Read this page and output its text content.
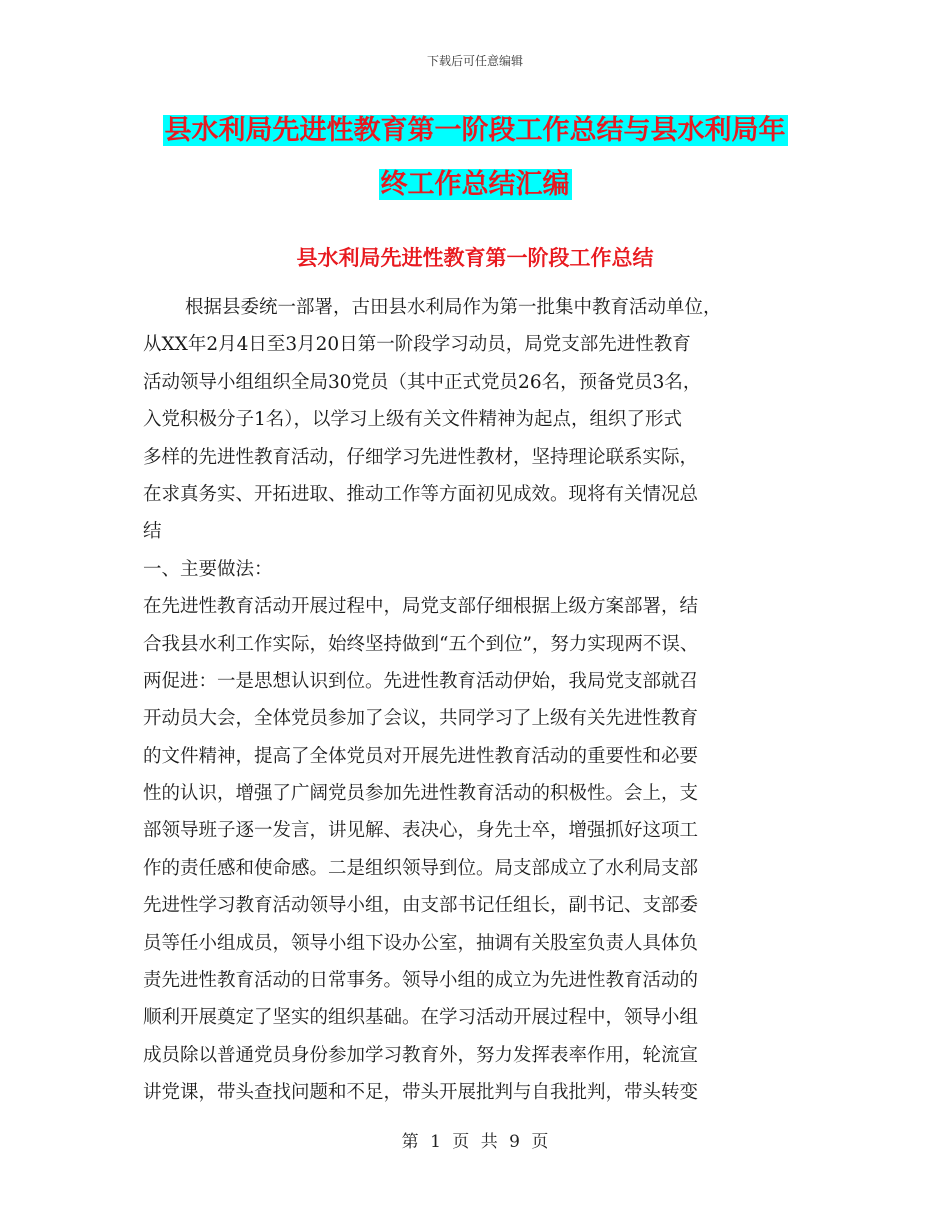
下载后可任意编辑
县水利局先进性教育第一阶段工作总结与县水利局年
终工作总结汇编
县水利局先进性教育第一阶段工作总结
根据县委统一部署，古田县水利局作为第一批集中教育活动单位，
从XX年2月4日至3月20日第一阶段学习动员，局党支部先进性教育
活动领导小组组织全局30党员（其中正式党员26名，预备党员3名，
入党积极分子1名），以学习上级有关文件精神为起点，组织了形式
多样的先进性教育活动，仔细学习先进性教材，坚持理论联系实际，
在求真务实、开拓进取、推动工作等方面初见成效。现将有关情况总
结
一、主要做法：
在先进性教育活动开展过程中，局党支部仔细根据上级方案部署，结
合我县水利工作实际，始终坚持做到“五个到位”，努力实现两不误、
两促进：一是思想认识到位。先进性教育活动伊始，我局党支部就召
开动员大会，全体党员参加了会议，共同学习了上级有关先进性教育
的文件精神，提高了全体党员对开展先进性教育活动的重要性和必要
性的认识，增强了广阔党员参加先进性教育活动的积极性。会上，支
部领导班子逐一发言，讲见解、表决心，身先士卒，增强抓好这项工
作的责任感和使命感。二是组织领导到位。局支部成立了水利局支部
先进性学习教育活动领导小组，由支部书记任组长，副书记、支部委
员等任小组成员，领导小组下设办公室，抽调有关股室负责人具体负
责先进性教育活动的日常事务。领导小组的成立为先进性教育活动的
顺利开展奠定了坚实的组织基础。在学习活动开展过程中，领导小组
成员除以普通党员身份参加学习教育外，努力发挥表率作用，轮流宣
讲党课，带头查找问题和不足，带头开展批判与自我批判，带头转变
第 1 页 共 9 页
